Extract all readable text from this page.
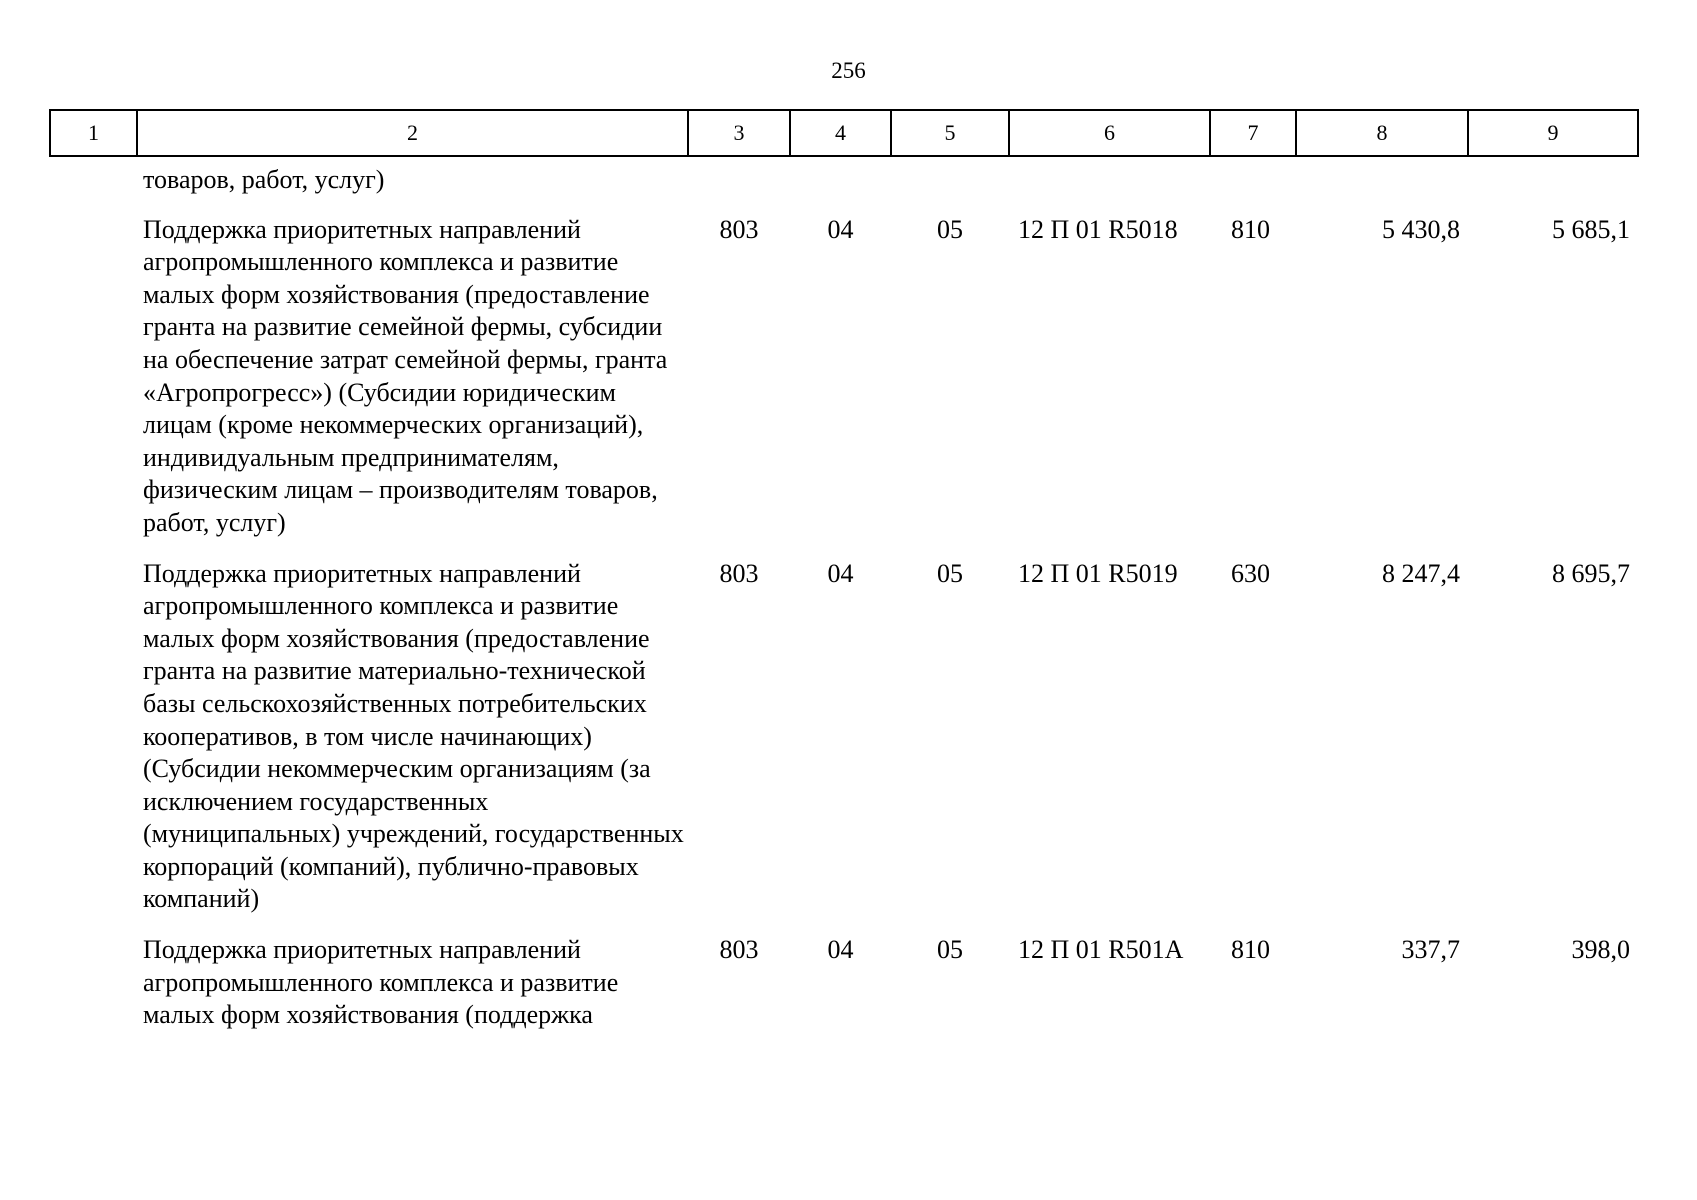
256
1	2	3	4	5	6	7	8	9
	товаров, работ, услуг)							
	Поддержка приоритетных направлений агропромышленного комплекса и развитие малых форм хозяйствования (предоставление гранта на развитие семейной фермы, субсидии на обеспечение затрат семейной фермы, гранта «Агропрогресс») (Субсидии юридическим лицам (кроме некоммерческих организаций), индивидуальным предпринимателям, физическим лицам – производителям товаров, работ, услуг)	803	04	05	12 П 01 R5018	810	5 430,8	5 685,1
	Поддержка приоритетных направлений агропромышленного комплекса и развитие малых форм хозяйствования (предоставление гранта на развитие материально-технической базы сельскохозяйственных потребительских кооперативов, в том числе начинающих) (Субсидии некоммерческим организациям (за исключением государственных (муниципальных) учреждений, государственных корпораций (компаний), публично-правовых компаний)	803	04	05	12 П 01 R5019	630	8 247,4	8 695,7
	Поддержка приоритетных направлений агропромышленного комплекса и развитие малых форм хозяйствования (поддержка	803	04	05	12 П 01 R501А	810	337,7	398,0
